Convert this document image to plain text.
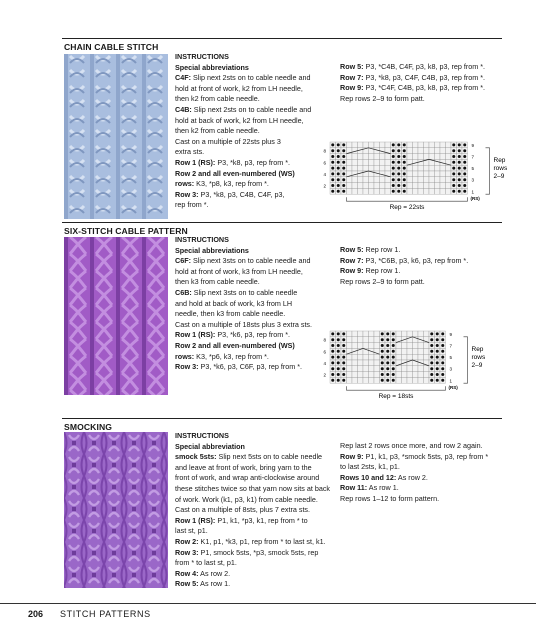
CHAIN CABLE STITCH

INSTRUCTIONS

Special abbreviations

C4F: Slip next 2sts on to cable needle and

hold at front of work, k2 from LH needle,

then k2 from cable needle.

C4B: Slip next 2sts on to cable needle and

hold at back of work, k2 from LH needle,

then k2 from cable needle.

Cast on a multiple of 22sts plus 3

extra sts.

Row 1 (RS): P3, *k8, p3, rep from *.

Row 2 and all even-numbered (WS)

rows: K3, *p8, k3, rep from *.

Row 3: P3, *k8, p3, C4B, C4F, p3,

rep from *.

Row 5: P3, *C4B, C4F, p3, k8, p3, rep from *.

Row 7: P3, *k8, p3, C4F, C4B, p3, rep from *.

Row 9: P3, *C4F, C4B, p3, k8, p3, rep from *.

Rep rows 2–9 to form patt.

8
6
4
2
9
7
5
3
1
(RS)
Rep
rows
2–9
Rep = 22sts
SIX-STITCH CABLE PATTERN

INSTRUCTIONS

Special abbreviations

C6F: Slip next 3sts on to cable needle and

hold at front of work, k3 from LH needle,

then k3 from cable needle.

C6B: Slip next 3sts on to cable needle

and hold at back of work, k3 from LH

needle, then k3 from cable needle.

Cast on a multiple of 18sts plus 3 extra sts.

Row 1 (RS): P3, *k6, p3, rep from *.

Row 2 and all even-numbered (WS)

rows: K3, *p6, k3, rep from *.

Row 3: P3, *k6, p3, C6F, p3, rep from *.

Row 5: Rep row 1.

Row 7: P3, *C6B, p3, k6, p3, rep from *.

Row 9: Rep row 1.

Rep rows 2–9 to form patt.

8
6
4
2
9
7
5
3
1
(RS)
Rep
rows
2–9
Rep = 18sts
SMOCKING

INSTRUCTIONS

Special abbreviation

smock 5sts: Slip next 5sts on to cable needle

and leave at front of work, bring yarn to the

front of work, and wrap anti-clockwise around

these stitches twice so that yarn now sits at back

of work. Work (k1, p3, k1) from cable needle.

Cast on a multiple of 8sts, plus 7 extra sts.

Row 1 (RS): P1, k1, *p3, k1, rep from * to

last st, p1.

Row 2: K1, p1, *k3, p1, rep from * to last st, k1.

Row 3: P1, smock 5sts, *p3, smock 5sts, rep

from * to last st, p1.

Row 4: As row 2.

Row 5: As row 1.

Rep last 2 rows once more, and row 2 again.

Row 9: P1, k1, p3, *smock 5sts, p3, rep from *

to last 2sts, k1, p1.

Rows 10 and 12: As row 2.

Row 11: As row 1.

Rep rows 1–12 to form pattern.

206 STITCH PATTERNS
